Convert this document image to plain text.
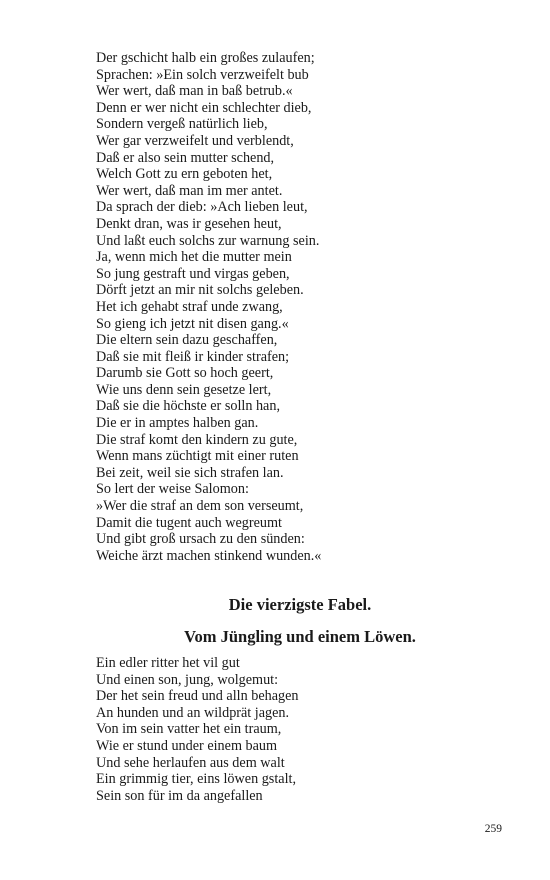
Der gschicht halb ein großes zulaufen;
Sprachen: »Ein solch verzweifelt bub
Wer wert, daß man in baß betrub.«
Denn er wer nicht ein schlechter dieb,
Sondern vergeß natürlich lieb,
Wer gar verzweifelt und verblendt,
Daß er also sein mutter schend,
Welch Gott zu ern geboten het,
Wer wert, daß man im mer antet.
Da sprach der dieb: »Ach lieben leut,
Denkt dran, was ir gesehen heut,
Und laßt euch solchs zur warnung sein.
Ja, wenn mich het die mutter mein
So jung gestraft und virgas geben,
Dörft jetzt an mir nit solchs geleben.
Het ich gehabt straf unde zwang,
So gieng ich jetzt nit disen gang.«
Die eltern sein dazu geschaffen,
Daß sie mit fleiß ir kinder strafen;
Darumb sie Gott so hoch geert,
Wie uns denn sein gesetze lert,
Daß sie die höchste er solln han,
Die er in amptes halben gan.
Die straf komt den kindern zu gute,
Wenn mans züchtigt mit einer ruten
Bei zeit, weil sie sich strafen lan.
So lert der weise Salomon:
»Wer die straf an dem son verseumt,
Damit die tugent auch wegreumt
Und gibt groß ursach zu den sünden:
Weiche ärzt machen stinkend wunden.«
Die vierzigste Fabel.
Vom Jüngling und einem Löwen.
Ein edler ritter het vil gut
Und einen son, jung, wolgemut:
Der het sein freud und alln behagen
An hunden und an wildprät jagen.
Von im sein vatter het ein traum,
Wie er stund under einem baum
Und sehe herlaufen aus dem walt
Ein grimmig tier, eins löwen gstalt,
Sein son für im da angefallen
259
